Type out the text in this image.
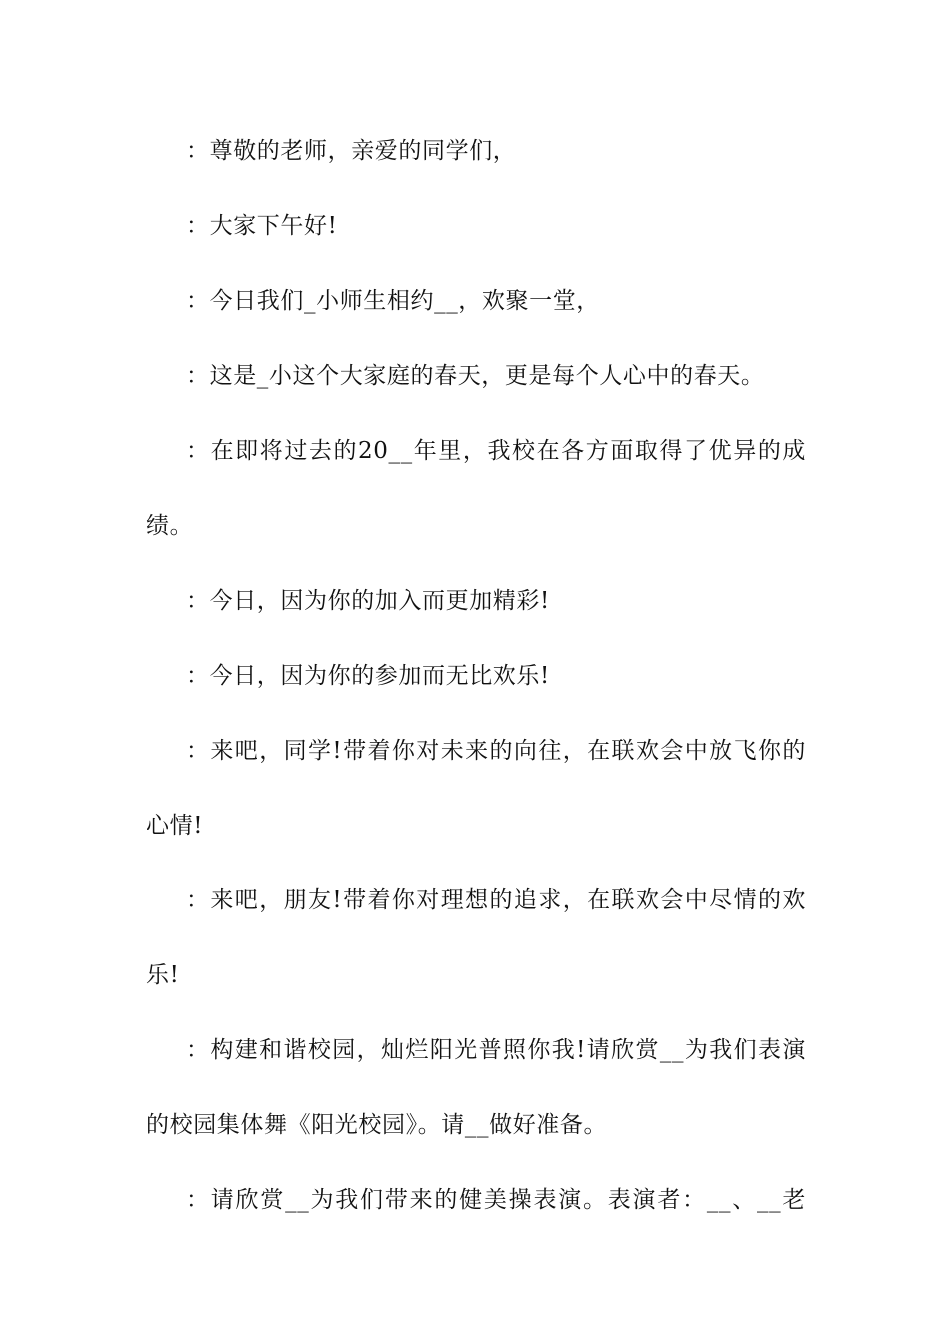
：尊敬的老师，亲爱的同学们，
：大家下午好!
：今日我们_小师生相约__，欢聚一堂，
：这是_小这个大家庭的春天，更是每个人心中的春天。
：在即将过去的20__年里，我校在各方面取得了优异的成
绩。
：今日，因为你的加入而更加精彩!
：今日，因为你的参加而无比欢乐!
：来吧，同学!带着你对未来的向往，在联欢会中放飞你的
心情!
：来吧，朋友!带着你对理想的追求，在联欢会中尽情的欢
乐!
：构建和谐校园，灿烂阳光普照你我!请欣赏__为我们表演
的校园集体舞《阳光校园》。请__做好准备。
：请欣赏__为我们带来的健美操表演。表演者：__、__老
